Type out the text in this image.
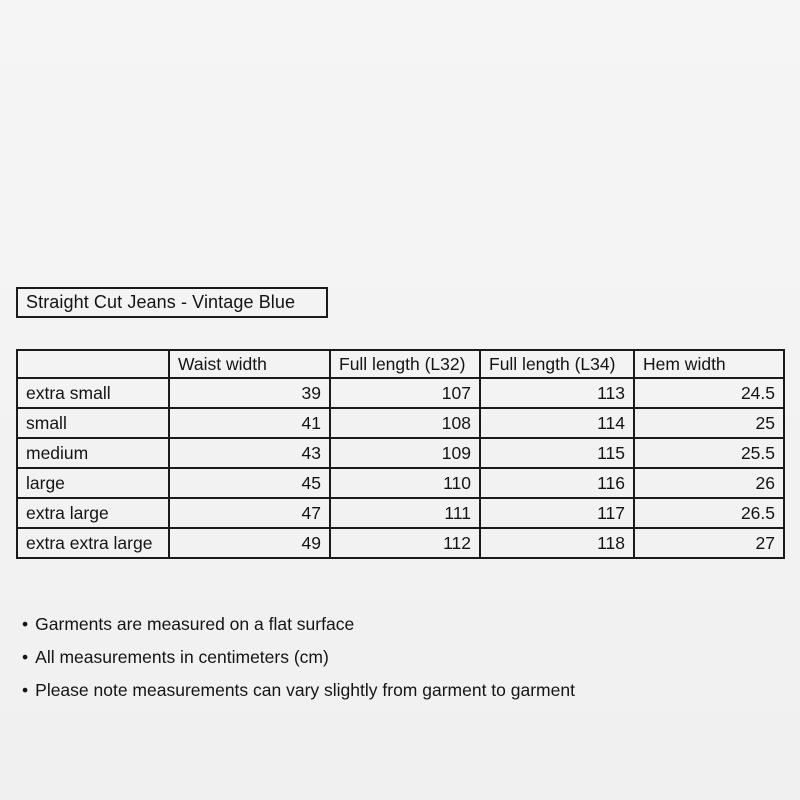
Straight Cut Jeans - Vintage Blue
	Waist width	Full length (L32)	Full length (L34)	Hem width
extra small	39	107	113	24.5
small	41	108	114	25
medium	43	109	115	25.5
large	45	110	116	26
extra large	47	111	117	26.5
extra extra large	49	112	118	27
• Garments are measured on a flat surface
• All measurements in centimeters (cm)
• Please note measurements can vary slightly from garment to garment
